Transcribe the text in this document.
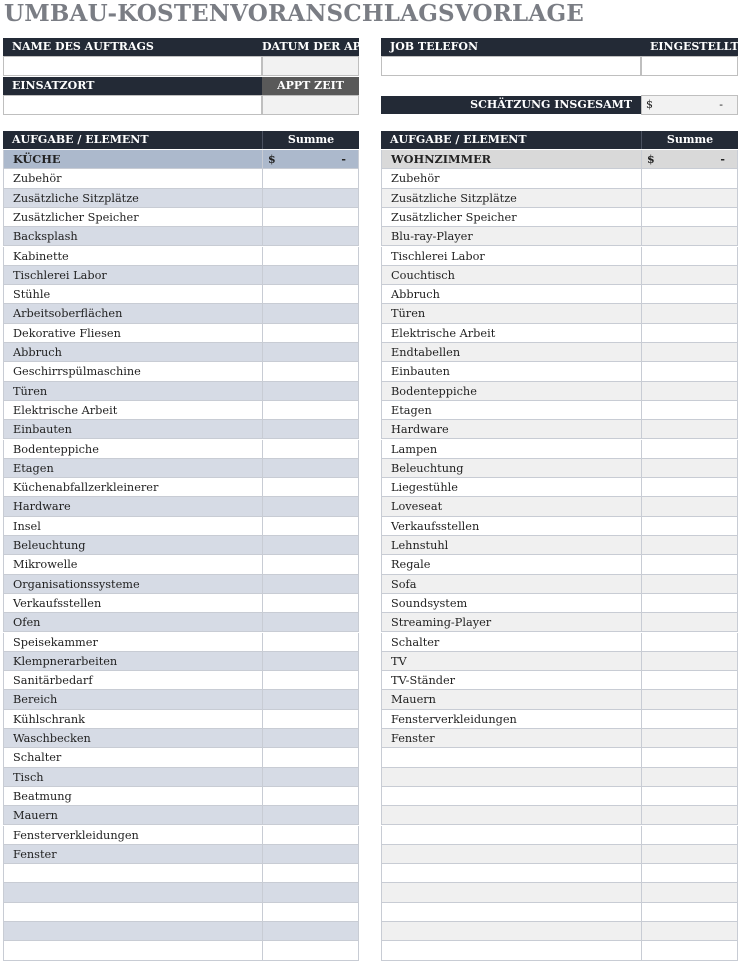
UMBAU-KOSTENVORANSCHLAGSVORLAGE
NAME DES AUFTRAGS	DATUM DER APPT
EINSATZORT	APPT ZEIT
JOB TELEFON	EINGESTELLT V
SCHÄTZUNG INSGESAMT	$	-
AUFGABE / ELEMENT	Summe
KÜCHE	$	-
Zubehör
Zusätzliche Sitzplätze
Zusätzlicher Speicher
Backsplash
Kabinette
Tischlerei Labor
Stühle
Arbeitsoberflächen
Dekorative Fliesen
Abbruch
Geschirrspülmaschine
Türen
Elektrische Arbeit
Einbauten
Bodenteppiche
Etagen
Küchenabfallzerkleinerer
Hardware
Insel
Beleuchtung
Mikrowelle
Organisationssysteme
Verkaufsstellen
Ofen
Speisekammer
Klempnerarbeiten
Sanitärbedarf
Bereich
Kühlschrank
Waschbecken
Schalter
Tisch
Beatmung
Mauern
Fensterverkleidungen
Fenster
AUFGABE / ELEMENT	Summe
WOHNZIMMER	$	-
Zubehör
Zusätzliche Sitzplätze
Zusätzlicher Speicher
Blu-ray-Player
Tischlerei Labor
Couchtisch
Abbruch
Türen
Elektrische Arbeit
Endtabellen
Einbauten
Bodenteppiche
Etagen
Hardware
Lampen
Beleuchtung
Liegestühle
Loveseat
Verkaufsstellen
Lehnstuhl
Regale
Sofa
Soundsystem
Streaming-Player
Schalter
TV
TV-Ständer
Mauern
Fensterverkleidungen
Fenster
